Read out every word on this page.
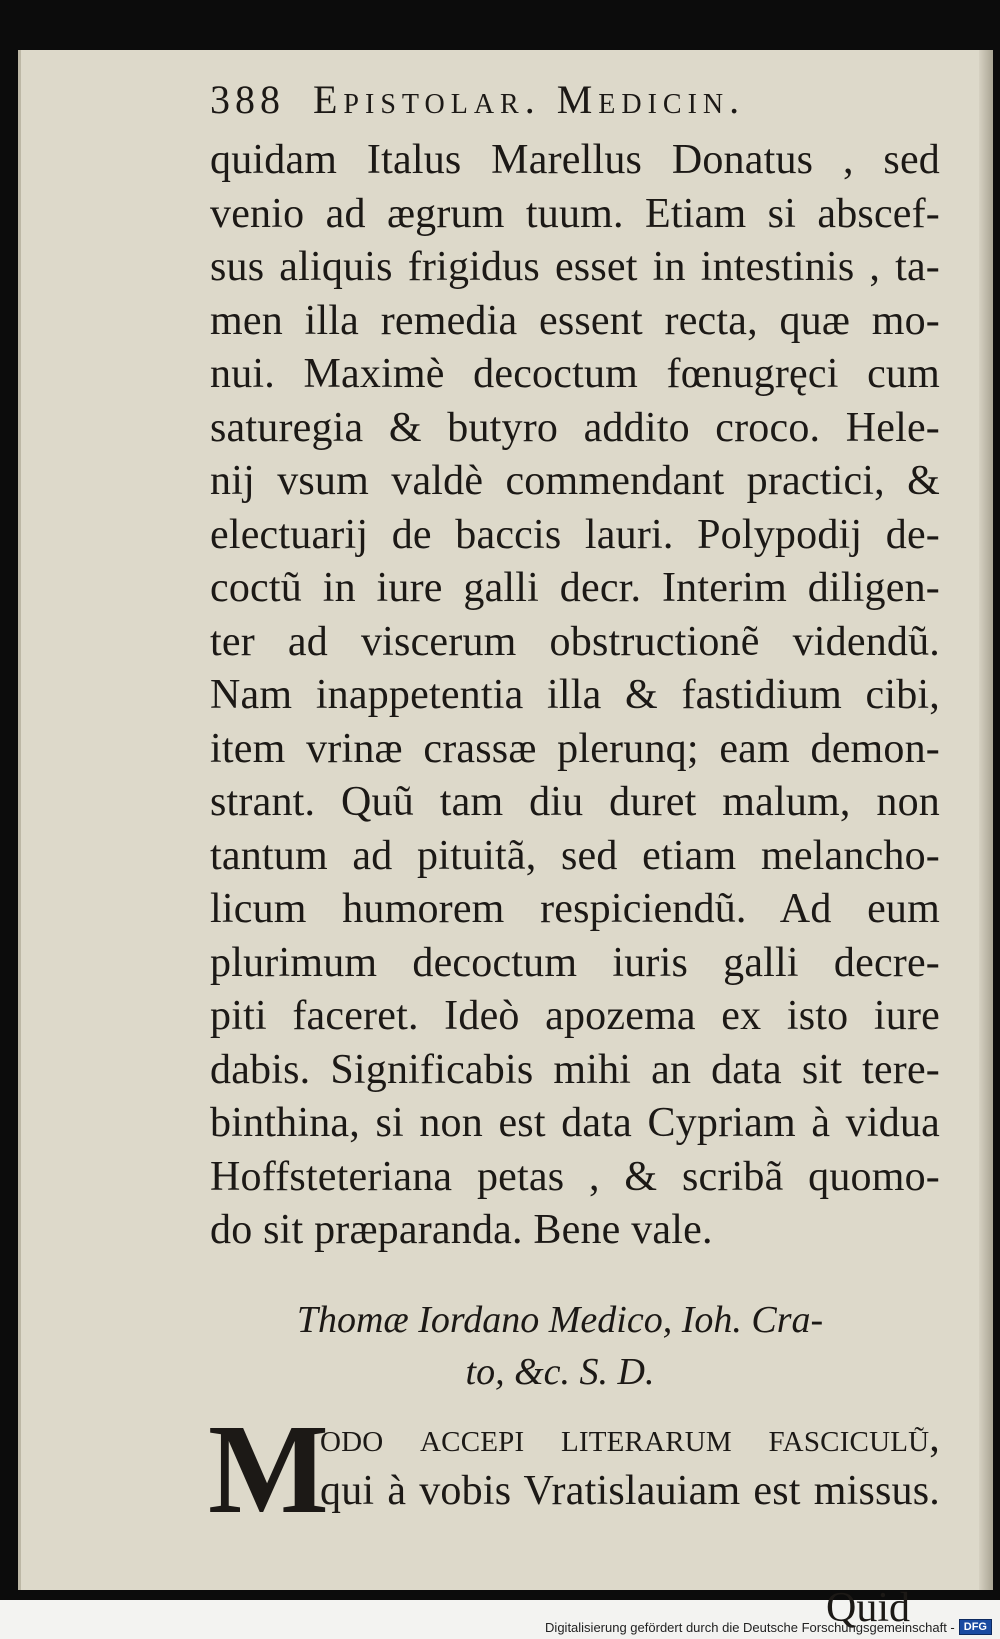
388 Epistolar. Medicin.
quidam Italus Marellus Donatus , sed
venio ad ægrum tuum. Etiam si abscef-
sus aliquis frigidus esset in intestinis , ta-
men illa remedia essent recta, quæ mo-
nui. Maximè decoctum fœnugręci cum
saturegia & butyro addito croco. Hele-
nij vsum valdè commendant practici, &
electuarij de baccis lauri. Polypodij de-
coctũ in iure galli decr. Interim diligen-
ter ad viscerum obstructionẽ videndũ.
Nam inappetentia illa & fastidium cibi,
item vrinæ crassæ plerunq; eam demon-
strant. Quũ tam diu duret malum, non
tantum ad pituitã, sed etiam melancho-
licum humorem respiciendũ. Ad eum
plurimum decoctum iuris galli decre-
piti faceret. Ideò apozema ex isto iure
dabis. Significabis mihi an data sit tere-
binthina, si non est data Cypriam à vidua
Hoffsteteriana petas , & scribã quomo-
do sit præparanda. Bene vale.
Thomæ Iordano Medico, Ioh. Cra-
to, &c. S. D.
M
odo accepi literarum fasciculũ,
qui à vobis Vratislauiam est missus.
Quid
Digitalisierung gefördert durch die Deutsche Forschungsgemeinschaft - DFG
